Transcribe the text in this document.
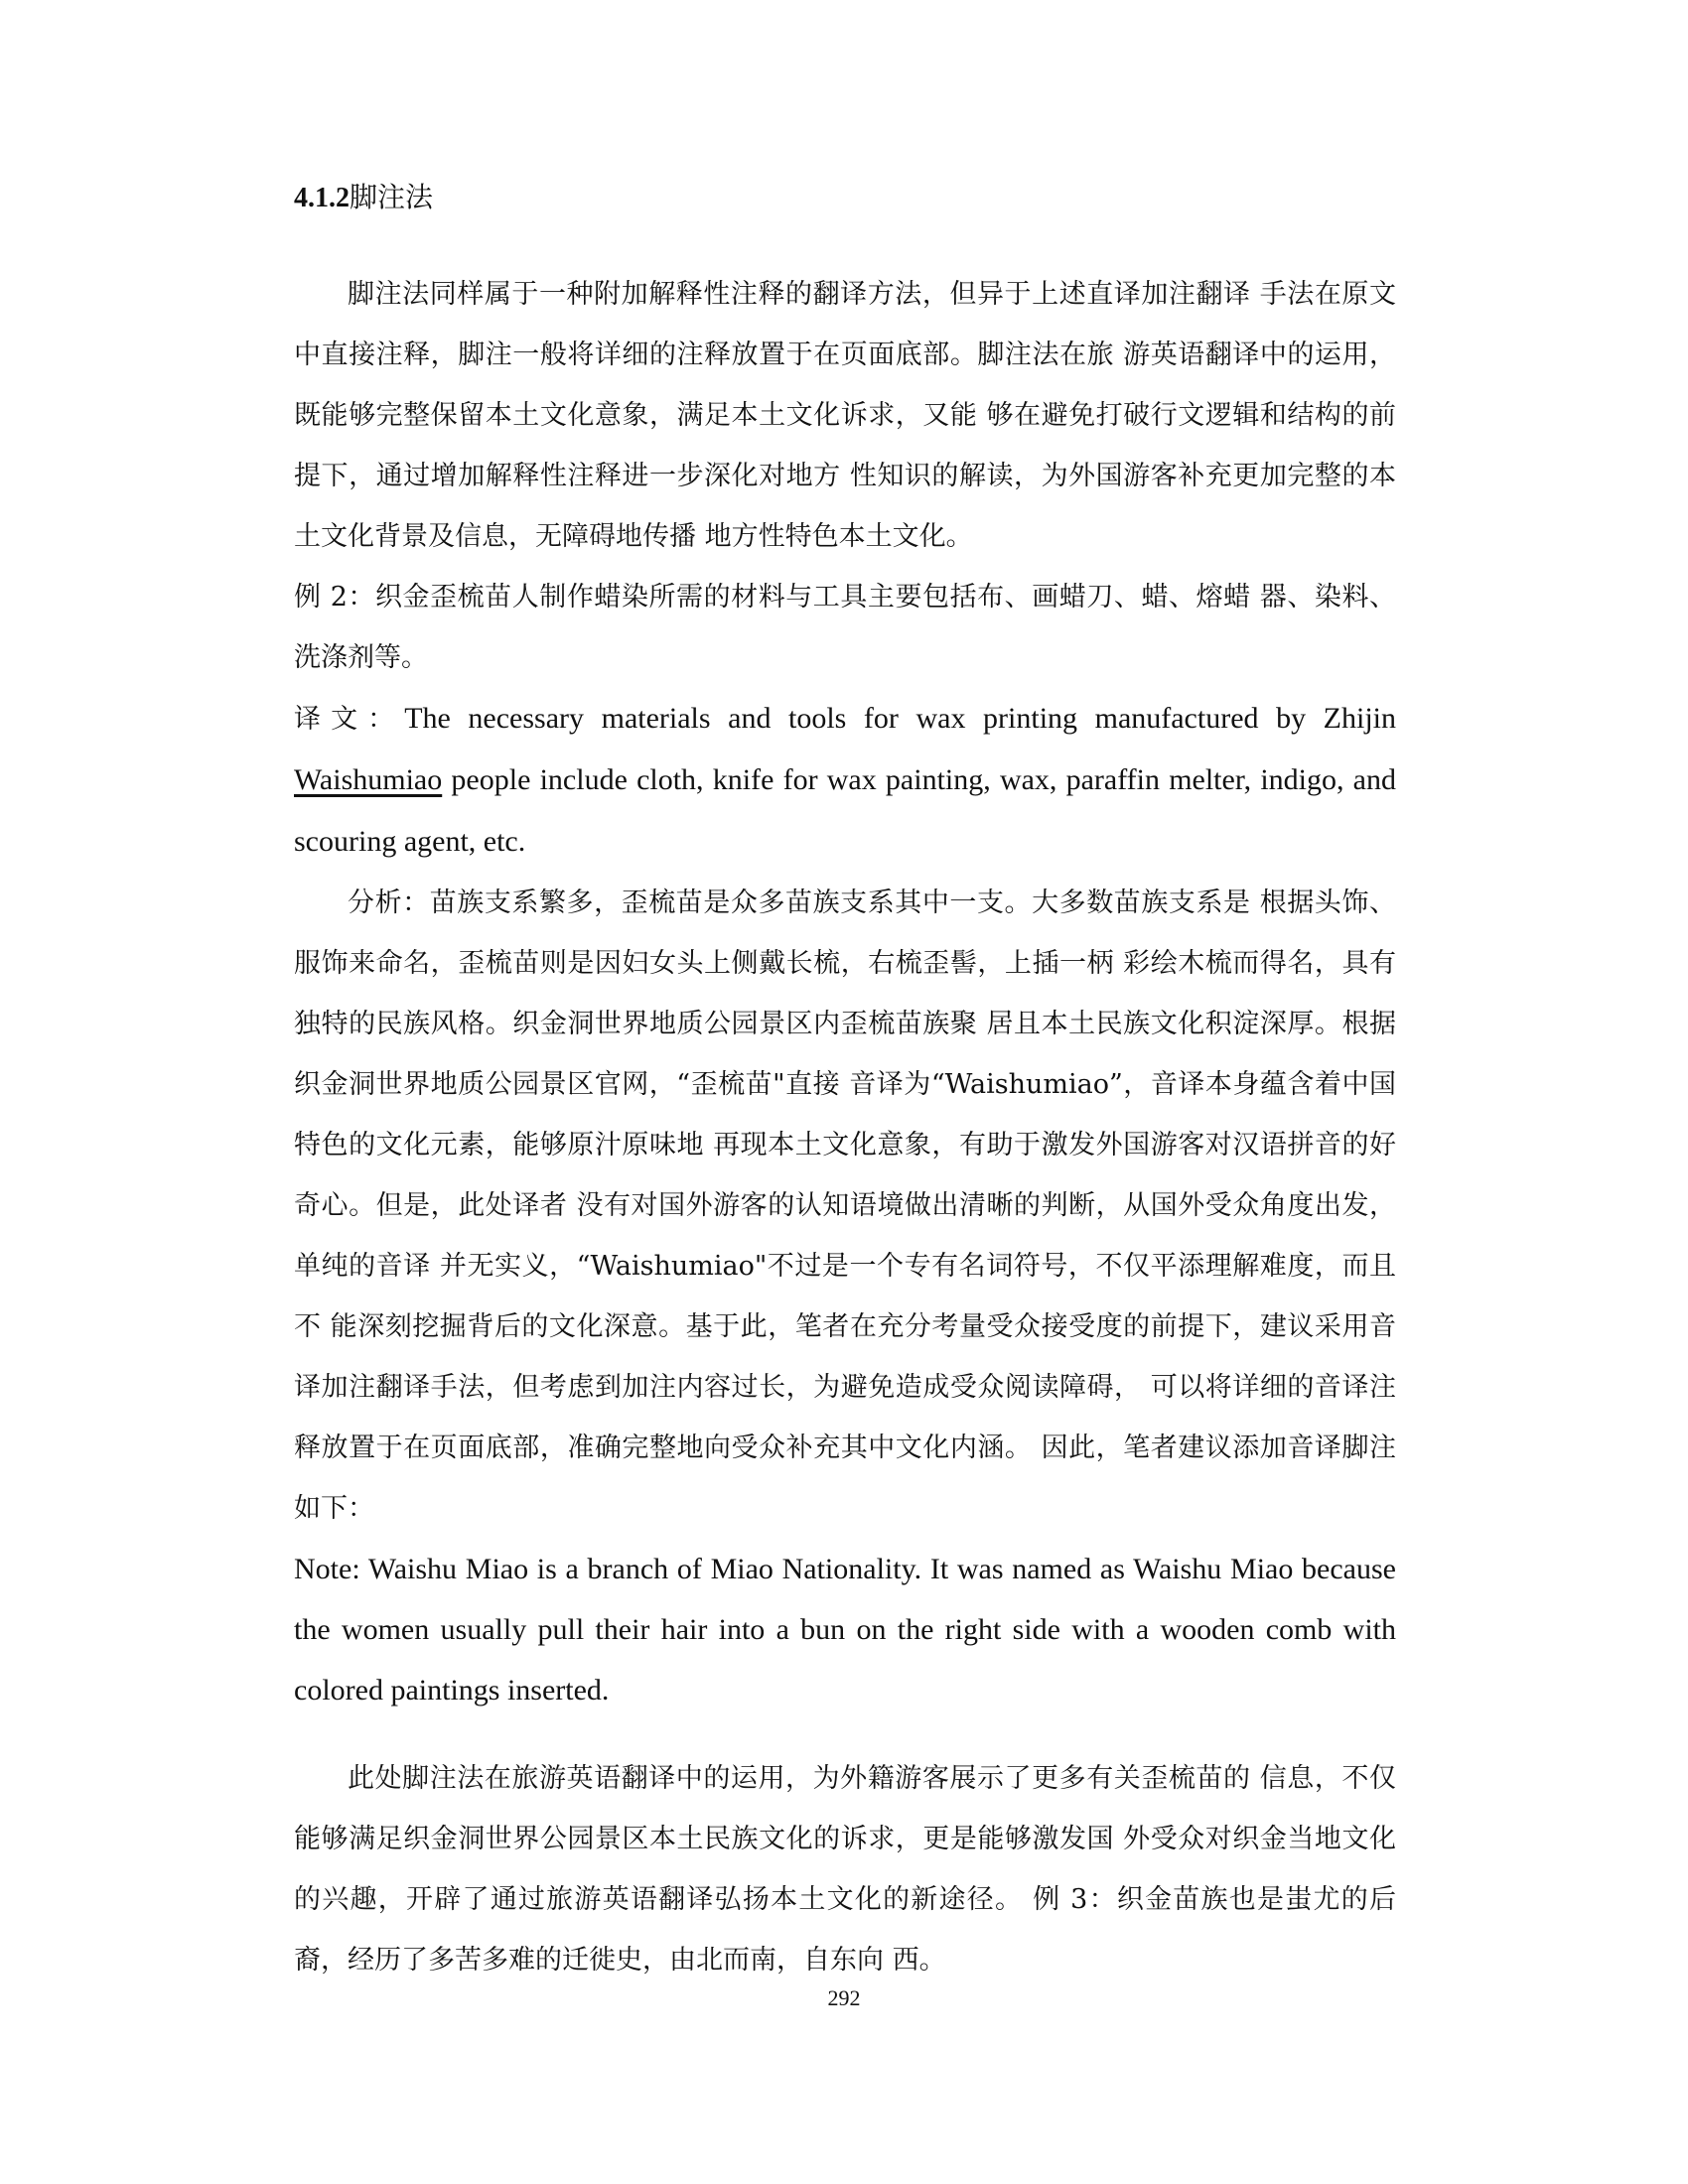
4.1.2脚注法

脚注法同样属于一种附加解释性注释的翻译方法，但异于上述直译加注翻译 手法在原文中直接注释，脚注一般将详细的注释放置于在页面底部。脚注法在旅 游英语翻译中的运用，既能够完整保留本土文化意象，满足本土文化诉求，又能 够在避免打破行文逻辑和结构的前提下，通过增加解释性注释进一步深化对地方 性知识的解读，为外国游客补充更加完整的本土文化背景及信息，无障碍地传播 地方性特色本土文化。

例 2：织金歪梳苗人制作蜡染所需的材料与工具主要包括布、画蜡刀、蜡、熔蜡 器、染料、洗涤剂等。

译文：The necessary materials and tools for wax printing manufactured by Zhijin Waishumiao people include cloth, knife for wax painting, wax, paraffin melter, indigo, and scouring agent, etc.

分析：苗族支系繁多，歪梳苗是众多苗族支系其中一支。大多数苗族支系是 根据头饰、服饰来命名，歪梳苗则是因妇女头上侧戴长梳，右梳歪髻，上插一柄 彩绘木梳而得名，具有独特的民族风格。织金洞世界地质公园景区内歪梳苗族聚 居且本土民族文化积淀深厚。根据织金洞世界地质公园景区官网，“歪梳苗"直接 音译为“Waishumiao”，音译本身蕴含着中国特色的文化元素，能够原汁原味地 再现本土文化意象，有助于激发外国游客对汉语拼音的好奇心。但是，此处译者 没有对国外游客的认知语境做出清晰的判断，从国外受众角度出发，单纯的音译 并无实义，“Waishumiao"不过是一个专有名词符号，不仅平添理解难度，而且不 能深刻挖掘背后的文化深意。基于此，笔者在充分考量受众接受度的前提下，建议采用音译加注翻译手法，但考虑到加注内容过长，为避免造成受众阅读障碍， 可以将详细的音译注释放置于在页面底部，准确完整地向受众补充其中文化内涵。 因此，笔者建议添加音译脚注如下：

Note: Waishu Miao is a branch of Miao Nationality. It was named as Waishu Miao because the women usually pull their hair into a bun on the right side with a wooden comb with colored paintings inserted.

此处脚注法在旅游英语翻译中的运用，为外籍游客展示了更多有关歪梳苗的 信息，不仅能够满足织金洞世界公园景区本土民族文化的诉求，更是能够激发国 外受众对织金当地文化的兴趣，开辟了通过旅游英语翻译弘扬本土文化的新途径。 例 3：织金苗族也是蚩尤的后裔，经历了多苦多难的迁徙史，由北而南，自东向 西。

292
